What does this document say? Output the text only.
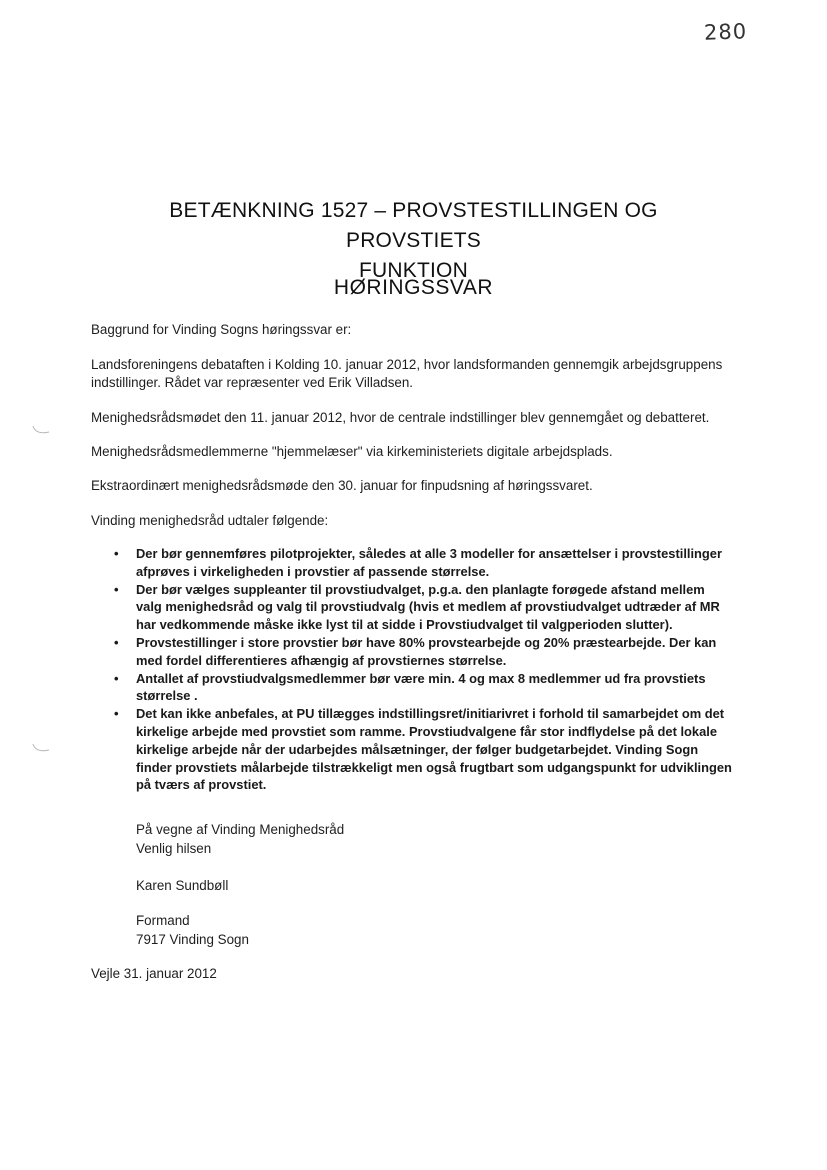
280
BETÆNKNING 1527 – PROVSTESTILLINGEN OG PROVSTIETS
FUNKTION
HØRINGSSVAR
Baggrund for Vinding Sogns høringssvar er:
Landsforeningens debataften i Kolding 10. januar 2012, hvor landsformanden gennemgik arbejdsgruppens
indstillinger. Rådet var repræsenter ved Erik Villadsen.
Menighedsrådsmødet den 11. januar 2012, hvor de centrale indstillinger blev gennemgået og debatteret.
Menighedsrådsmedlemmerne "hjemmelæser" via kirkeministeriets digitale arbejdsplads.
Ekstraordinært menighedsrådsmøde den 30. januar for finpudsning af høringssvaret.
Vinding menighedsråd udtaler følgende:
• Der bør gennemføres pilotprojekter, således at alle 3 modeller for ansættelser i provstestillinger
afprøves i virkeligheden i provstier af passende størrelse.
• Der bør vælges suppleanter til provstiudvalget, p.g.a. den planlagte forøgede afstand mellem
valg menighedsråd og valg til provstiudvalg (hvis et medlem af provstiudvalget udtræder af MR
har vedkommende måske ikke lyst til at sidde i Provstiudvalget til valgperioden slutter).
• Provstestillinger i store provstier bør have 80% provstearbejde og 20% præstearbejde. Der kan
med fordel differentieres afhængig af provstiernes størrelse.
• Antallet af provstiudvalgsmedlemmer bør være min. 4 og max 8 medlemmer ud fra provstiets
størrelse .
• Det kan ikke anbefales, at PU tillægges indstillingsret/initiarivret i forhold til samarbejdet om det
kirkelige arbejde med provstiet som ramme. Provstiudvalgene får stor indflydelse på det lokale
kirkelige arbejde når der udarbejdes målsætninger, der følger budgetarbejdet. Vinding Sogn
finder provstiets målarbejde tilstrækkeligt men også frugtbart som udgangspunkt for udviklingen
på tværs af provstiet.
På vegne af Vinding Menighedsråd
Venlig hilsen
Karen Sundbøll
Formand
7917 Vinding Sogn
Vejle 31. januar 2012
